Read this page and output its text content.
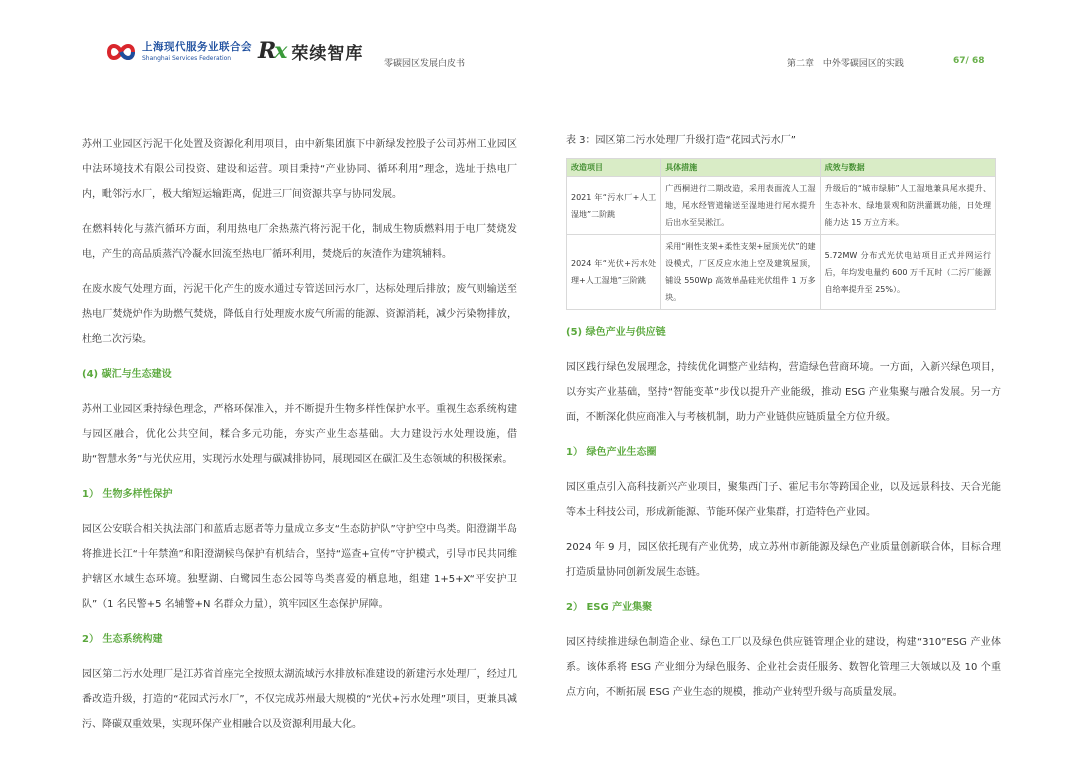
上海现代服务业联合会
Shanghai Services Federation	Rx 荣续智库
零碳园区发展白皮书	第二章 中外零碳园区的实践	67/ 68

苏州工业园区污泥干化处置及资源化利用项目，由中新集团旗下中新绿发控股子公司苏州工业园区中法环境技术有限公司投资、建设和运营。项目秉持“产业协同、循环利用”理念，选址于热电厂内，毗邻污水厂，极大缩短运输距离，促进三厂间资源共享与协同发展。

在燃料转化与蒸汽循环方面，利用热电厂余热蒸汽将污泥干化，制成生物质燃料用于电厂焚烧发电，产生的高品质蒸汽冷凝水回流至热电厂循环利用，焚烧后的灰渣作为建筑辅料。

在废水废气处理方面，污泥干化产生的废水通过专管送回污水厂，达标处理后排放；废气则输送至热电厂焚烧炉作为助燃气焚烧，降低自行处理废水废气所需的能源、资源消耗，减少污染物排放，杜绝二次污染。

(4) 碳汇与生态建设

苏州工业园区秉持绿色理念，严格环保准入，并不断提升生物多样性保护水平。重视生态系统构建与园区融合，优化公共空间，糅合多元功能，夯实产业生态基础。大力建设污水处理设施，借助“智慧水务”与光伏应用，实现污水处理与碳减排协同，展现园区在碳汇及生态领域的积极探索。

1） 生物多样性保护

园区公安联合相关执法部门和蓝盾志愿者等力量成立多支“生态防护队”守护空中鸟类。阳澄湖半岛将推进长江“十年禁渔”和阳澄湖候鸟保护有机结合，坚持“巡查+宣传”守护模式，引导市民共同维护辖区水域生态环境。独墅湖、白鹭园生态公园等鸟类喜爱的栖息地，组建 1+5+X“平安护卫队”（1 名民警+5 名辅警+N 名群众力量），筑牢园区生态保护屏障。

2） 生态系统构建

园区第二污水处理厂是江苏省首座完全按照太湖流域污水排放标准建设的新建污水处理厂，经过几番改造升级，打造的“花园式污水厂”，不仅完成苏州最大规模的“光伏+污水处理”项目，更兼具减污、降碳双重效果，实现环保产业相融合以及资源利用最大化。

表 3：园区第二污水处理厂升级打造“花园式污水厂”
改造项目	具体措施	成效与数据
2021 年“污水厂+人工湿地”二阶跳	广西桐进行二期改造，采用表面流人工湿地，尾水经管道输送至湿地进行尾水提升后出水至吴淞江。	升级后的“城市绿肺”人工湿地兼具尾水提升、生态补水、绿地景观和防洪灌溉功能，日处理能力达 15 万立方米。
2024 年“光伏+污水处理+人工湿地”三阶跳	采用“刚性支架+柔性支架+屋顶光伏”的建设模式，厂区反应水池上空及建筑屋顶，铺设 550Wp 高效单晶硅光伏组件 1 万多块。	5.72MW 分布式光伏电站项目正式并网运行后，年均发电量约 600 万千瓦时（二污厂能源自给率提升至 25%）。
(5) 绿色产业与供应链

园区践行绿色发展理念，持续优化调整产业结构，营造绿色营商环境。一方面，入新兴绿色项目，以夯实产业基础，坚持“智能变革”步伐以提升产业能级，推动 ESG 产业集聚与融合发展。另一方面，不断深化供应商准入与考核机制，助力产业链供应链质量全方位升级。

1） 绿色产业生态圈

园区重点引入高科技新兴产业项目，聚集西门子、霍尼韦尔等跨国企业，以及远景科技、天合光能等本土科技公司，形成新能源、节能环保产业集群，打造特色产业园。

2024 年 9 月，园区依托现有产业优势，成立苏州市新能源及绿色产业质量创新联合体，目标合理打造质量协同创新发展生态链。

2） ESG 产业集聚

园区持续推进绿色制造企业、绿色工厂以及绿色供应链管理企业的建设，构建“310”ESG 产业体系。该体系将 ESG 产业细分为绿色服务、企业社会责任服务、数智化管理三大领域以及 10 个重点方向，不断拓展 ESG 产业生态的规模，推动产业转型升级与高质量发展。
